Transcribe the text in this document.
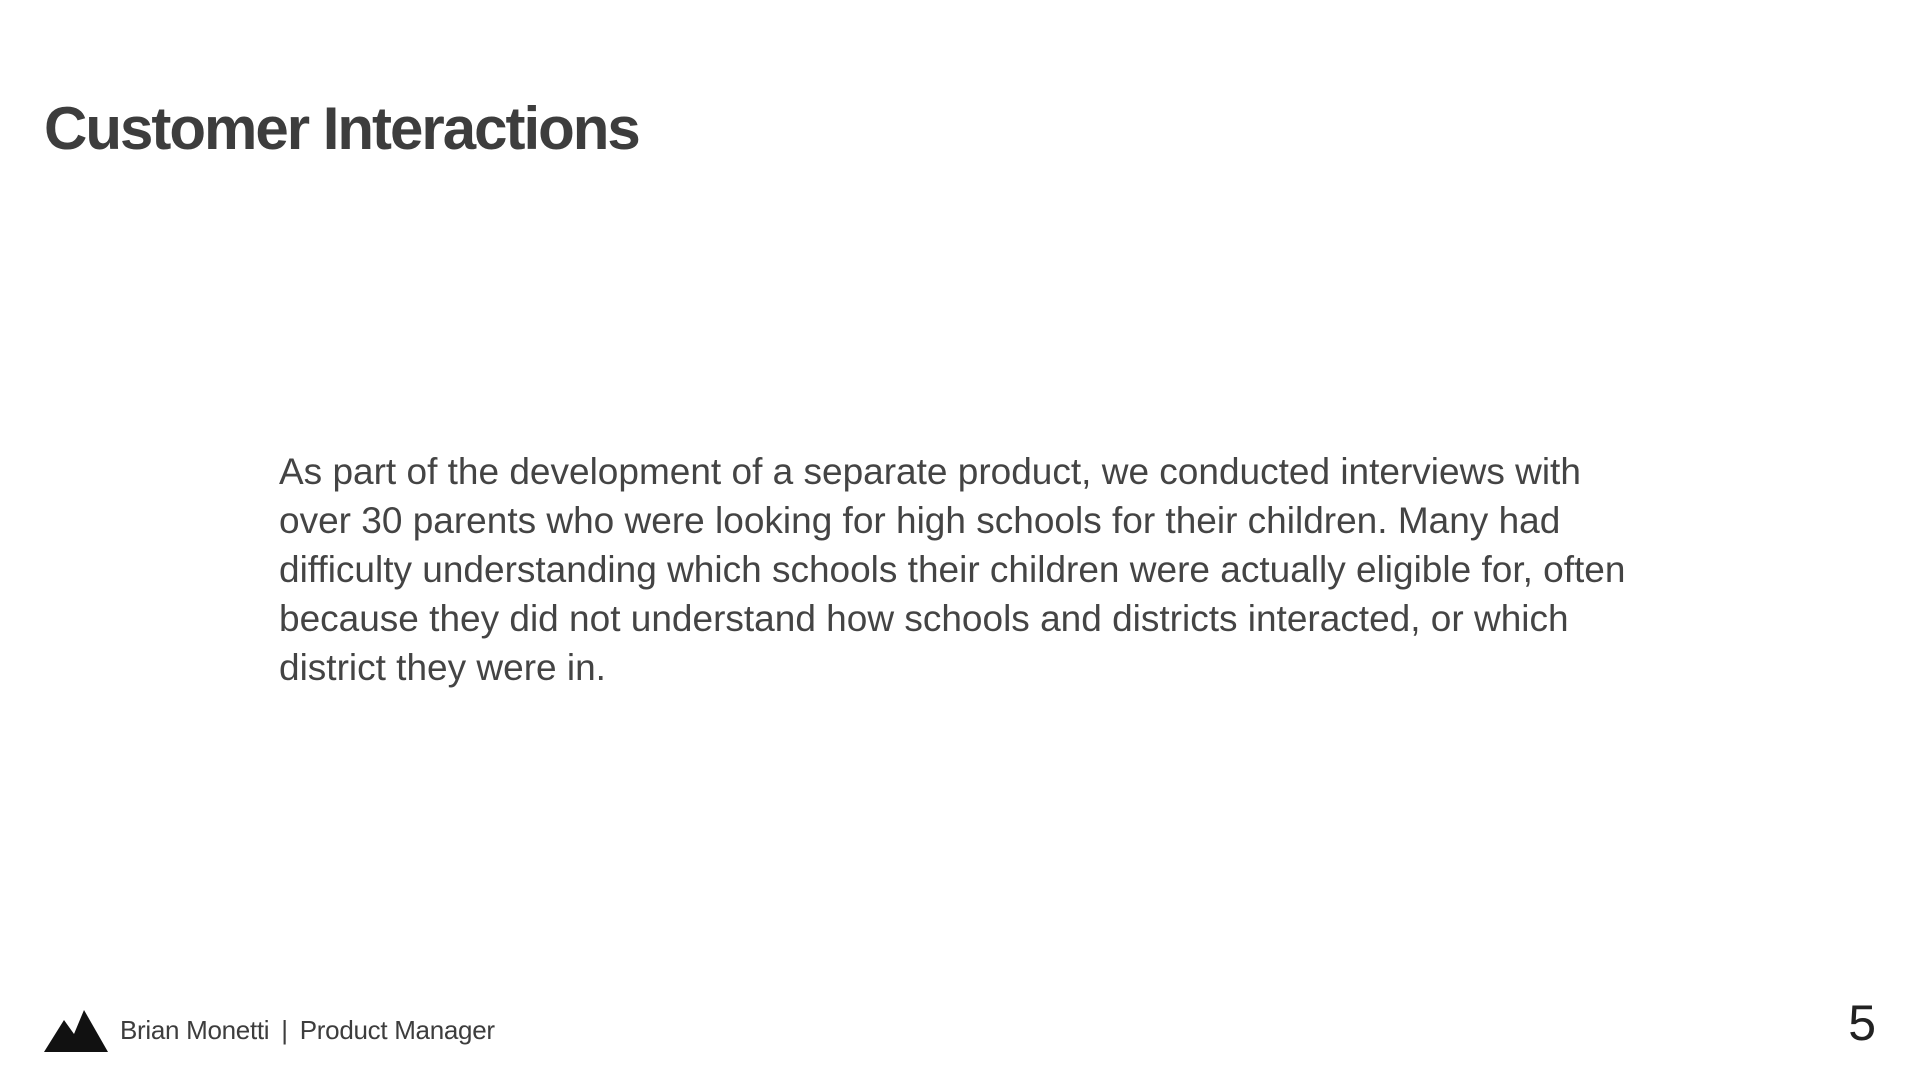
Customer Interactions

As part of the development of a separate product, we conducted interviews with over 30 parents who were looking for high schools for their children. Many had difficulty understanding which schools their children were actually eligible for, often because they did not understand how schools and districts interacted, or which district they were in.

Brian Monetti | Product Manager	5
